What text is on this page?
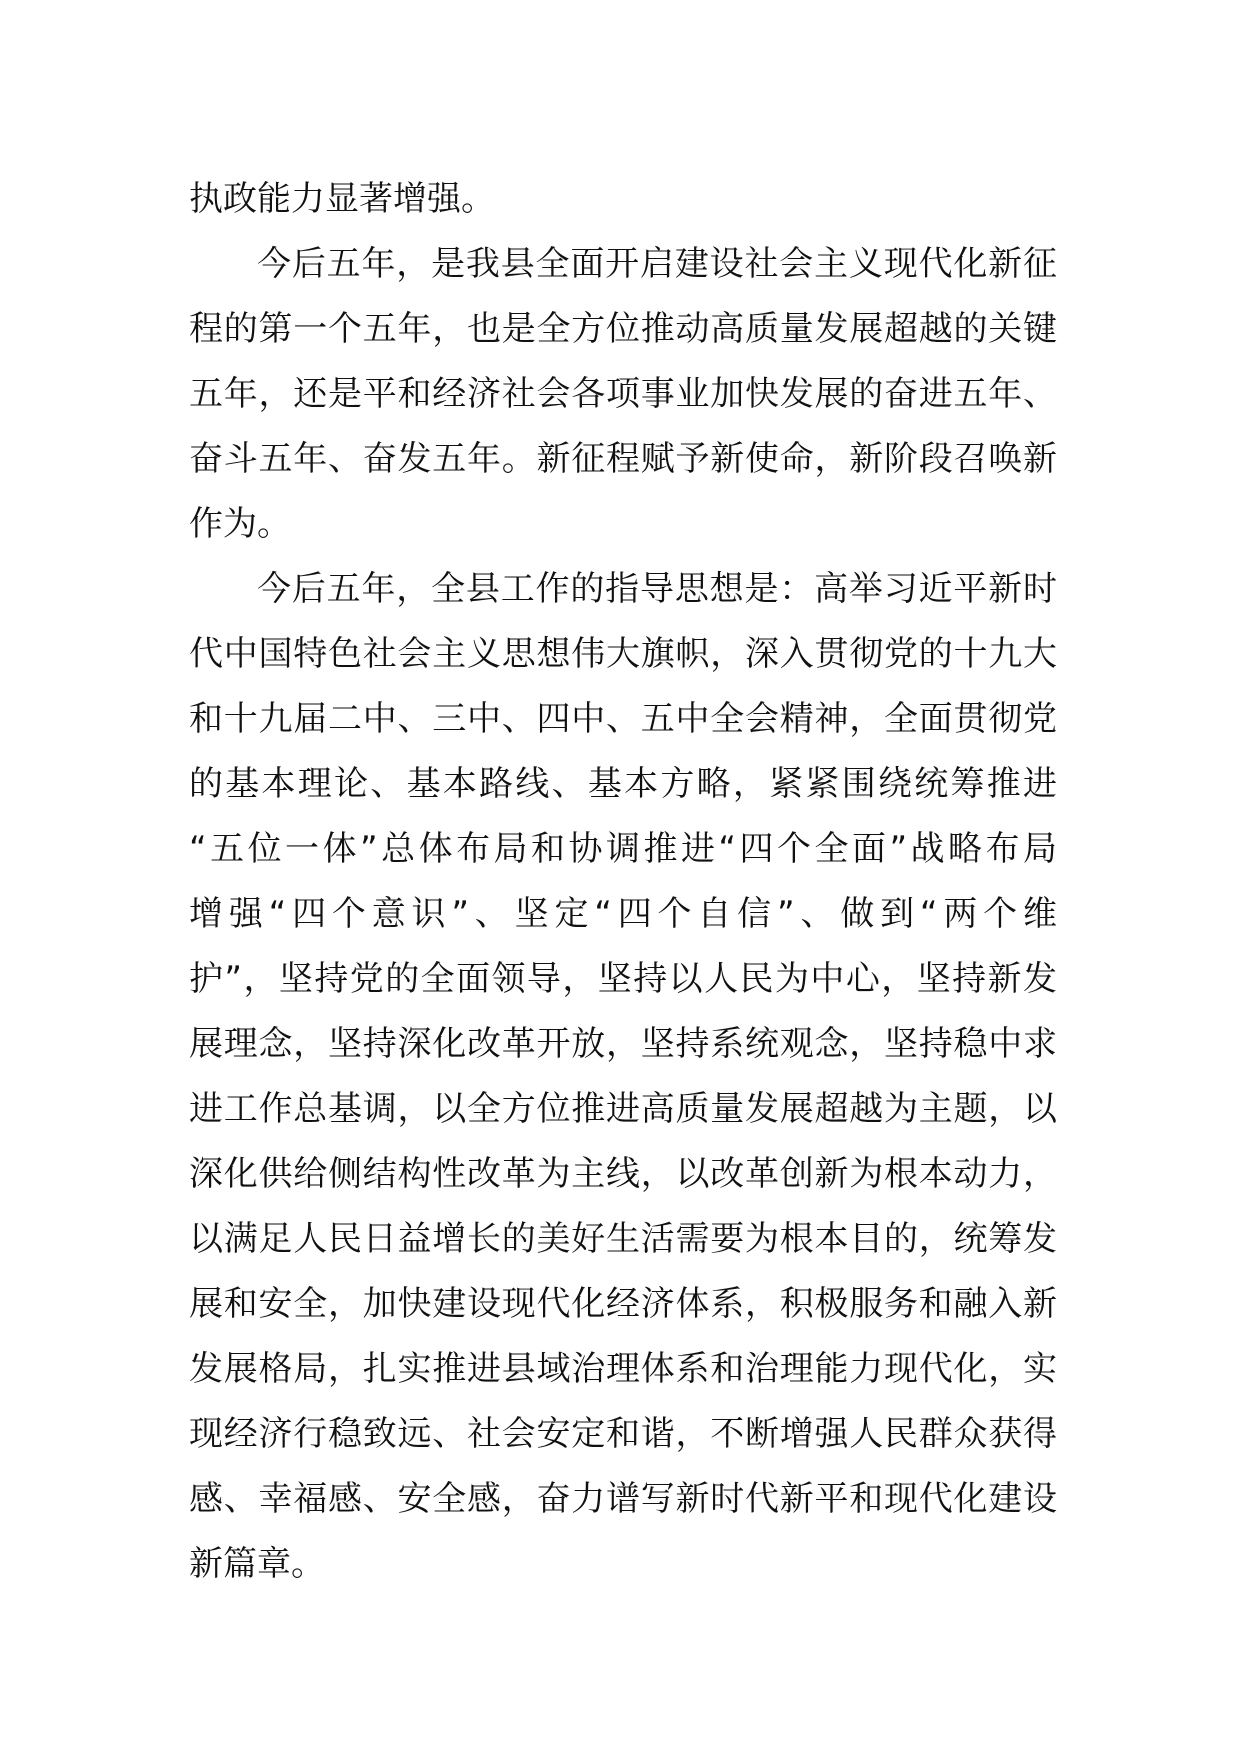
执政能力显著增强。
今后五年，是我县全面开启建设社会主义现代化新征
程的第一个五年，也是全方位推动高质量发展超越的关键
五年，还是平和经济社会各项事业加快发展的奋进五年、
奋斗五年、奋发五年。新征程赋予新使命，新阶段召唤新
作为。
今后五年，全县工作的指导思想是：高举习近平新时
代中国特色社会主义思想伟大旗帜，深入贯彻党的十九大
和十九届二中、三中、四中、五中全会精神，全面贯彻党
的基本理论、基本路线、基本方略，紧紧围绕统筹推进
“五位一体”总体布局和协调推进“四个全面”战略布局
增强“四个意识”、坚定“四个自信”、做到“两个维
护”，坚持党的全面领导，坚持以人民为中心，坚持新发
展理念，坚持深化改革开放，坚持系统观念，坚持稳中求
进工作总基调，以全方位推进高质量发展超越为主题，以
深化供给侧结构性改革为主线，以改革创新为根本动力，
以满足人民日益增长的美好生活需要为根本目的，统筹发
展和安全，加快建设现代化经济体系，积极服务和融入新
发展格局，扎实推进县域治理体系和治理能力现代化，实
现经济行稳致远、社会安定和谐，不断增强人民群众获得
感、幸福感、安全感，奋力谱写新时代新平和现代化建设
新篇章。
